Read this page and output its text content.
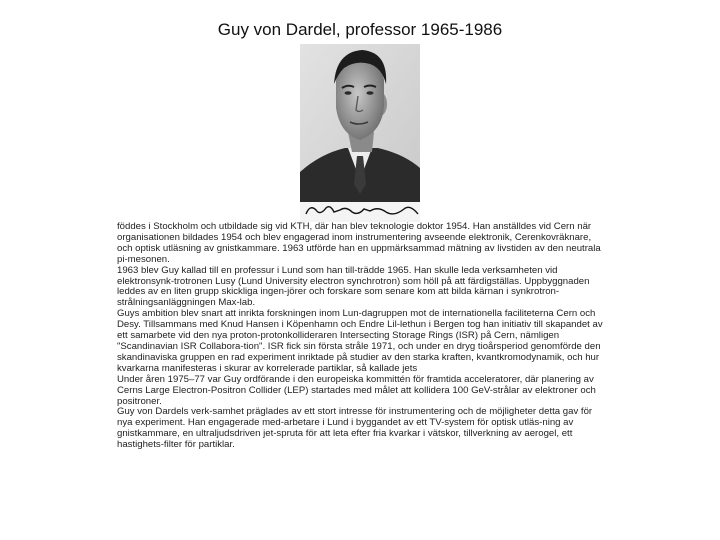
Guy von Dardel, professor 1965-1986

föddes i Stockholm och utbildade sig vid KTH, där han blev teknologie doktor 1954. Han anställdes vid Cern när organisationen bildades 1954 och blev engagerad inom instrumentering avseende elektronik, Cerenkovräknare, och optisk utläsning av gnistkammare. 1963 utförde han en uppmärksammad mätning av livstiden av den neutrala pi-mesonen.

1963 blev Guy kallad till en professur i Lund som han till-trädde 1965. Han skulle leda verksamheten vid elektronsynk-trotronen Lusy (Lund University electron synchrotron) som höll på att färdigställas. Uppbyggnaden leddes av en liten grupp skickliga ingen-jörer och forskare som senare kom att bilda kärnan i synkrotron-strålningsanläggningen Max-lab.

Guys ambition blev snart att inrikta forskningen inom Lun-dagruppen mot de internationella faciliteterna Cern och Desy. Tillsammans med Knud Hansen i Köpenhamn och Endre Lil-lethun i Bergen tog han initiativ till skapandet av ett samarbete vid den nya proton-protonkollideraren Intersecting Storage Rings (ISR) på Cern, nämligen "Scandinavian ISR Collabora-tion". ISR fick sin första stråle 1971, och under en dryg tioårsperiod genomförde den skandinaviska gruppen en rad experiment inriktade på studier av den starka kraften, kvantkromodynamik, och hur kvarkarna manifesteras i skurar av korrelerade partiklar, så kallade jets

Under åren 1975–77 var Guy ordförande i den europeiska kommittén för framtida acceleratorer, där planering av Cerns Large Electron-Positron Collider (LEP) startades med målet att kollidera 100 GeV-strålar av elektroner och positroner.

Guy von Dardels verk-samhet präglades av ett stort intresse för instrumentering och de möjligheter detta gav för nya experiment. Han engagerade med-arbetare i Lund i byggandet av ett TV-system för optisk utläs-ning av gnistkammare, en ultraljudsdriven jet-spruta för att leta efter fria kvarkar i vätskor, tillverkning av aerogel, ett hastighets-filter för partiklar.
